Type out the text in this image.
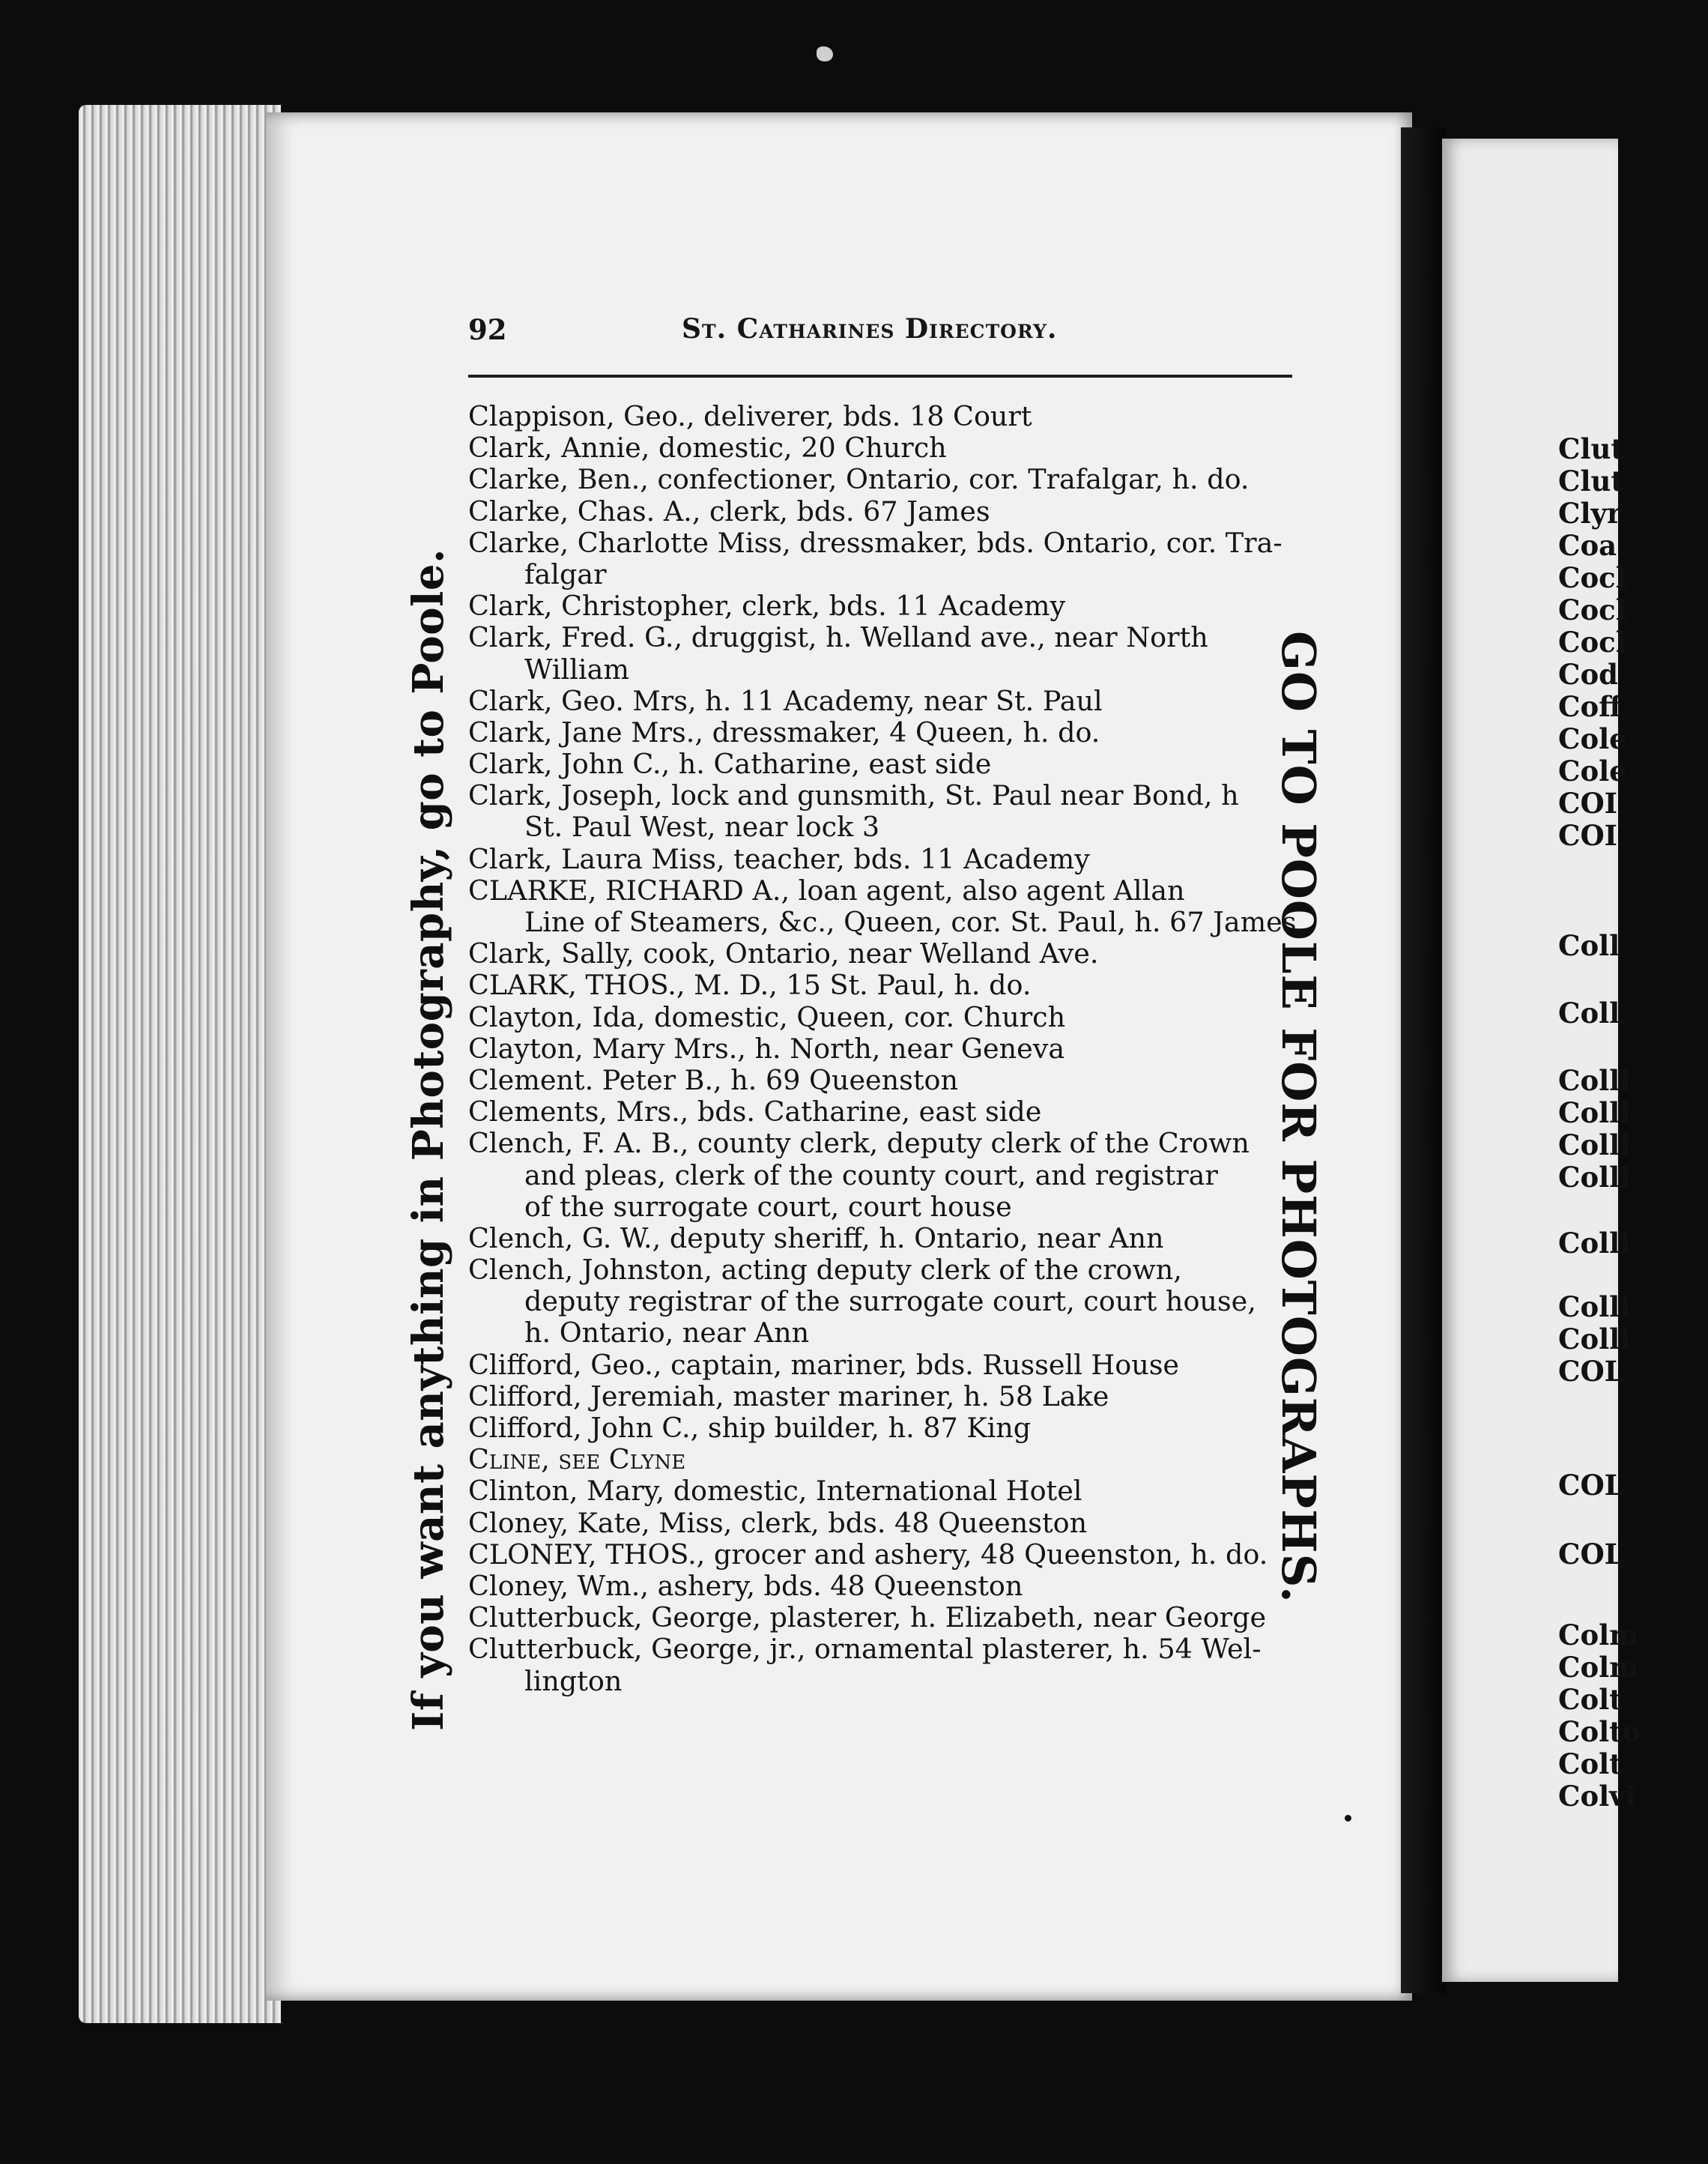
92	St. Catharines Directory.
Clappison, Geo., deliverer, bds. 18 Court
Clark, Annie, domestic, 20 Church
Clarke, Ben., confectioner, Ontario, cor. Trafalgar, h. do.
Clarke, Chas. A., clerk, bds. 67 James
Clarke, Charlotte Miss, dressmaker, bds. Ontario, cor. Tra-
falgar
Clark, Christopher, clerk, bds. 11 Academy
Clark, Fred. G., druggist, h. Welland ave., near North
William
Clark, Geo. Mrs, h. 11 Academy, near St. Paul
Clark, Jane Mrs., dressmaker, 4 Queen, h. do.
Clark, John C., h. Catharine, east side
Clark, Joseph, lock and gunsmith, St. Paul near Bond, h
St. Paul West, near lock 3
Clark, Laura Miss, teacher, bds. 11 Academy
CLARKE, RICHARD A., loan agent, also agent Allan
Line of Steamers, &c., Queen, cor. St. Paul, h. 67 James
Clark, Sally, cook, Ontario, near Welland Ave.
CLARK, THOS., M. D., 15 St. Paul, h. do.
Clayton, Ida, domestic, Queen, cor. Church
Clayton, Mary Mrs., h. North, near Geneva
Clement. Peter B., h. 69 Queenston
Clements, Mrs., bds. Catharine, east side
Clench, F. A. B., county clerk, deputy clerk of the Crown
and pleas, clerk of the county court, and registrar
of the surrogate court, court house
Clench, G. W., deputy sheriff, h. Ontario, near Ann
Clench, Johnston, acting deputy clerk of the crown,
deputy registrar of the surrogate court, court house,
h. Ontario, near Ann
Clifford, Geo., captain, mariner, bds. Russell House
Clifford, Jeremiah, master mariner, h. 58 Lake
Clifford, John C., ship builder, h. 87 King
Cline, see Clyne
Clinton, Mary, domestic, International Hotel
Cloney, Kate, Miss, clerk, bds. 48 Queenston
CLONEY, THOS., grocer and ashery, 48 Queenston, h. do.
Cloney, Wm., ashery, bds. 48 Queenston
Clutterbuck, George, plasterer, h. Elizabeth, near George
Clutterbuck, George, jr., ornamental plasterer, h. 54 Wel-
lington
If you want anything in Photography, go to Poole.	GO TO POOLE FOR PHOTOGRAPHS.
Clut
Clut
Clyr
Coa
Cocl
Cocl
Cocl
Cod
Coff
Cole
Cole
COI
COI
Coll
Coll
Colli
Colli
Colli
Colli
Colli
Colli
Colli
COL
COL
COL
Colm
Colm
Colt
Colto
Colt
Colvi
